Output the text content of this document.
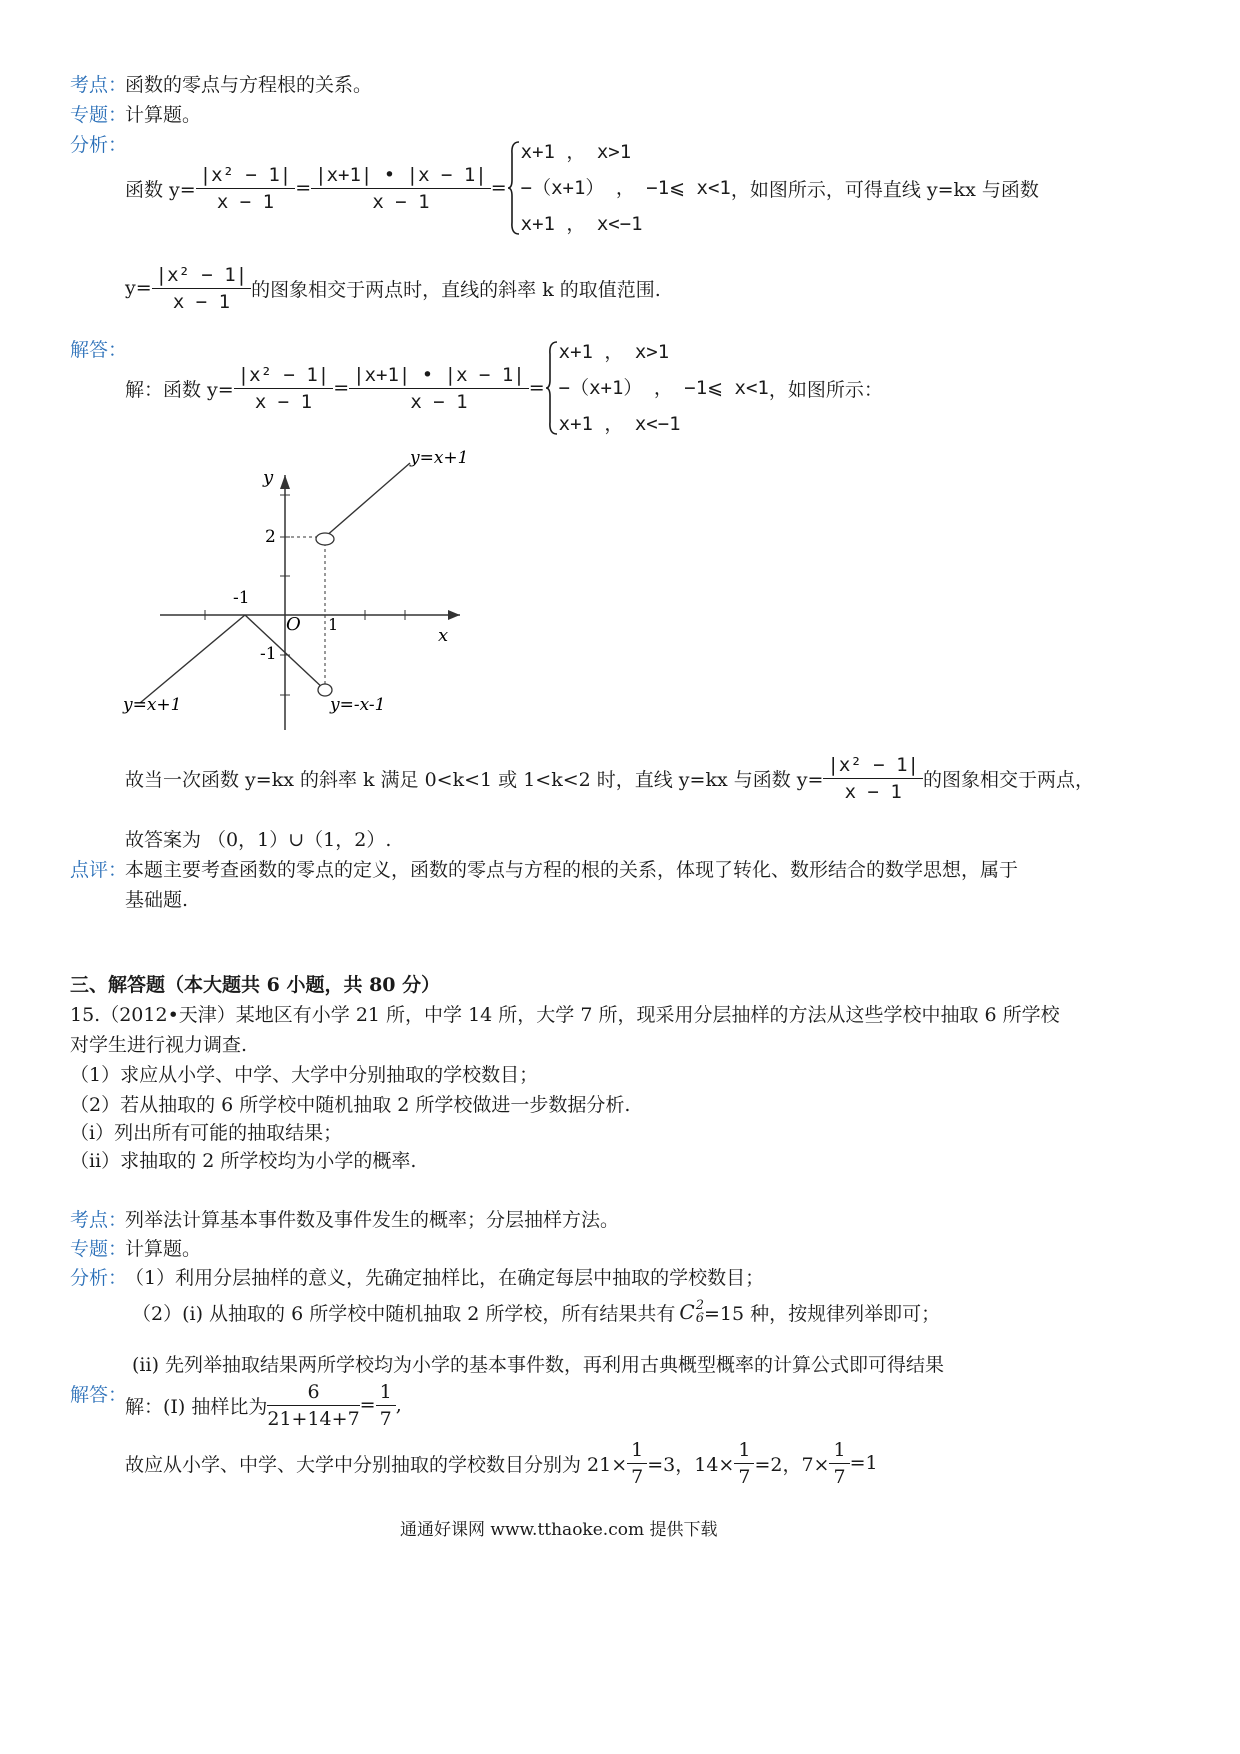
考点：
函数的零点与方程根的关系。
专题：
计算题。
分析：
函数 $y= \frac{\text{|x² − 1|}}{x - 1} = \frac{|x+1| • |x - 1|}{x - 1}$ =
x+1 ， x>1
−（x+1） ， −1⩽ x<1
x+1 ， x<−1
，如图所示，可得直线 y=kx 与函数
$y= \frac{\text{|x² − 1|}}{x - 1}$ 的图象相交于两点时，直线的斜率 k 的取值范围.
解答：
解：函数 $y= \frac{\text{|x² − 1|}}{x - 1} = \frac{|x+1| • |x - 1|}{x - 1}$ =
x+1 ， x>1
−（x+1） ， −1⩽ x<1
x+1 ， x<−1
，如图所示：
y
x
O
y=x+1
y=x+1	y=-x-1
2
-1
-1
1
故当一次函数 y=kx 的斜率 k 满足 0<k<1 或 1<k<2 时，直线 y=kx 与函数 $y= \frac{\text{|x² − 1|}}{x - 1}$ 的图象相交于两点，
故答案为 （0，1）∪（1，2）.
点评：
本题主要考查函数的零点的定义，函数的零点与方程的根的关系，体现了转化、数形结合的数学思想，属于
基础题.
三、解答题（本大题共 6 小题，共 80 分）
15.（2012•天津）某地区有小学 21 所，中学 14 所，大学 7 所，现采用分层抽样的方法从这些学校中抽取 6 所学校
对学生进行视力调查.
（1）求应从小学、中学、大学中分别抽取的学校数目；
（2）若从抽取的 6 所学校中随机抽取 2 所学校做进一步数据分析.
（ⅰ）列出所有可能的抽取结果；
（ⅱ）求抽取的 2 所学校均为小学的概率.
考点：
列举法计算基本事件数及事件发生的概率；分层抽样方法。
专题：
计算题。
分析：
（1）利用分层抽样的意义，先确定抽样比，在确定每层中抽取的学校数目；
（2）(i) 从抽取的 6 所学校中随机抽取 2 所学校，所有结果共有 C 2
6 =15 种，按规律列举即可；
(ii) 先列举抽取结果两所学校均为小学的基本事件数，再利用古典概型概率的计算公式即可得结果
解答：
解：(I) 抽样比为 $\frac{6}{21+14+7} = \frac{1}{7}$ ,
故应从小学、中学、大学中分别抽取的学校数目分别为 $21\times \frac{1}{7} =3$，$14\times \frac{1}{7} =2$，$7\times \frac{1}{7} =1$
通通好课网 www.tthaoke.com 提供下载
